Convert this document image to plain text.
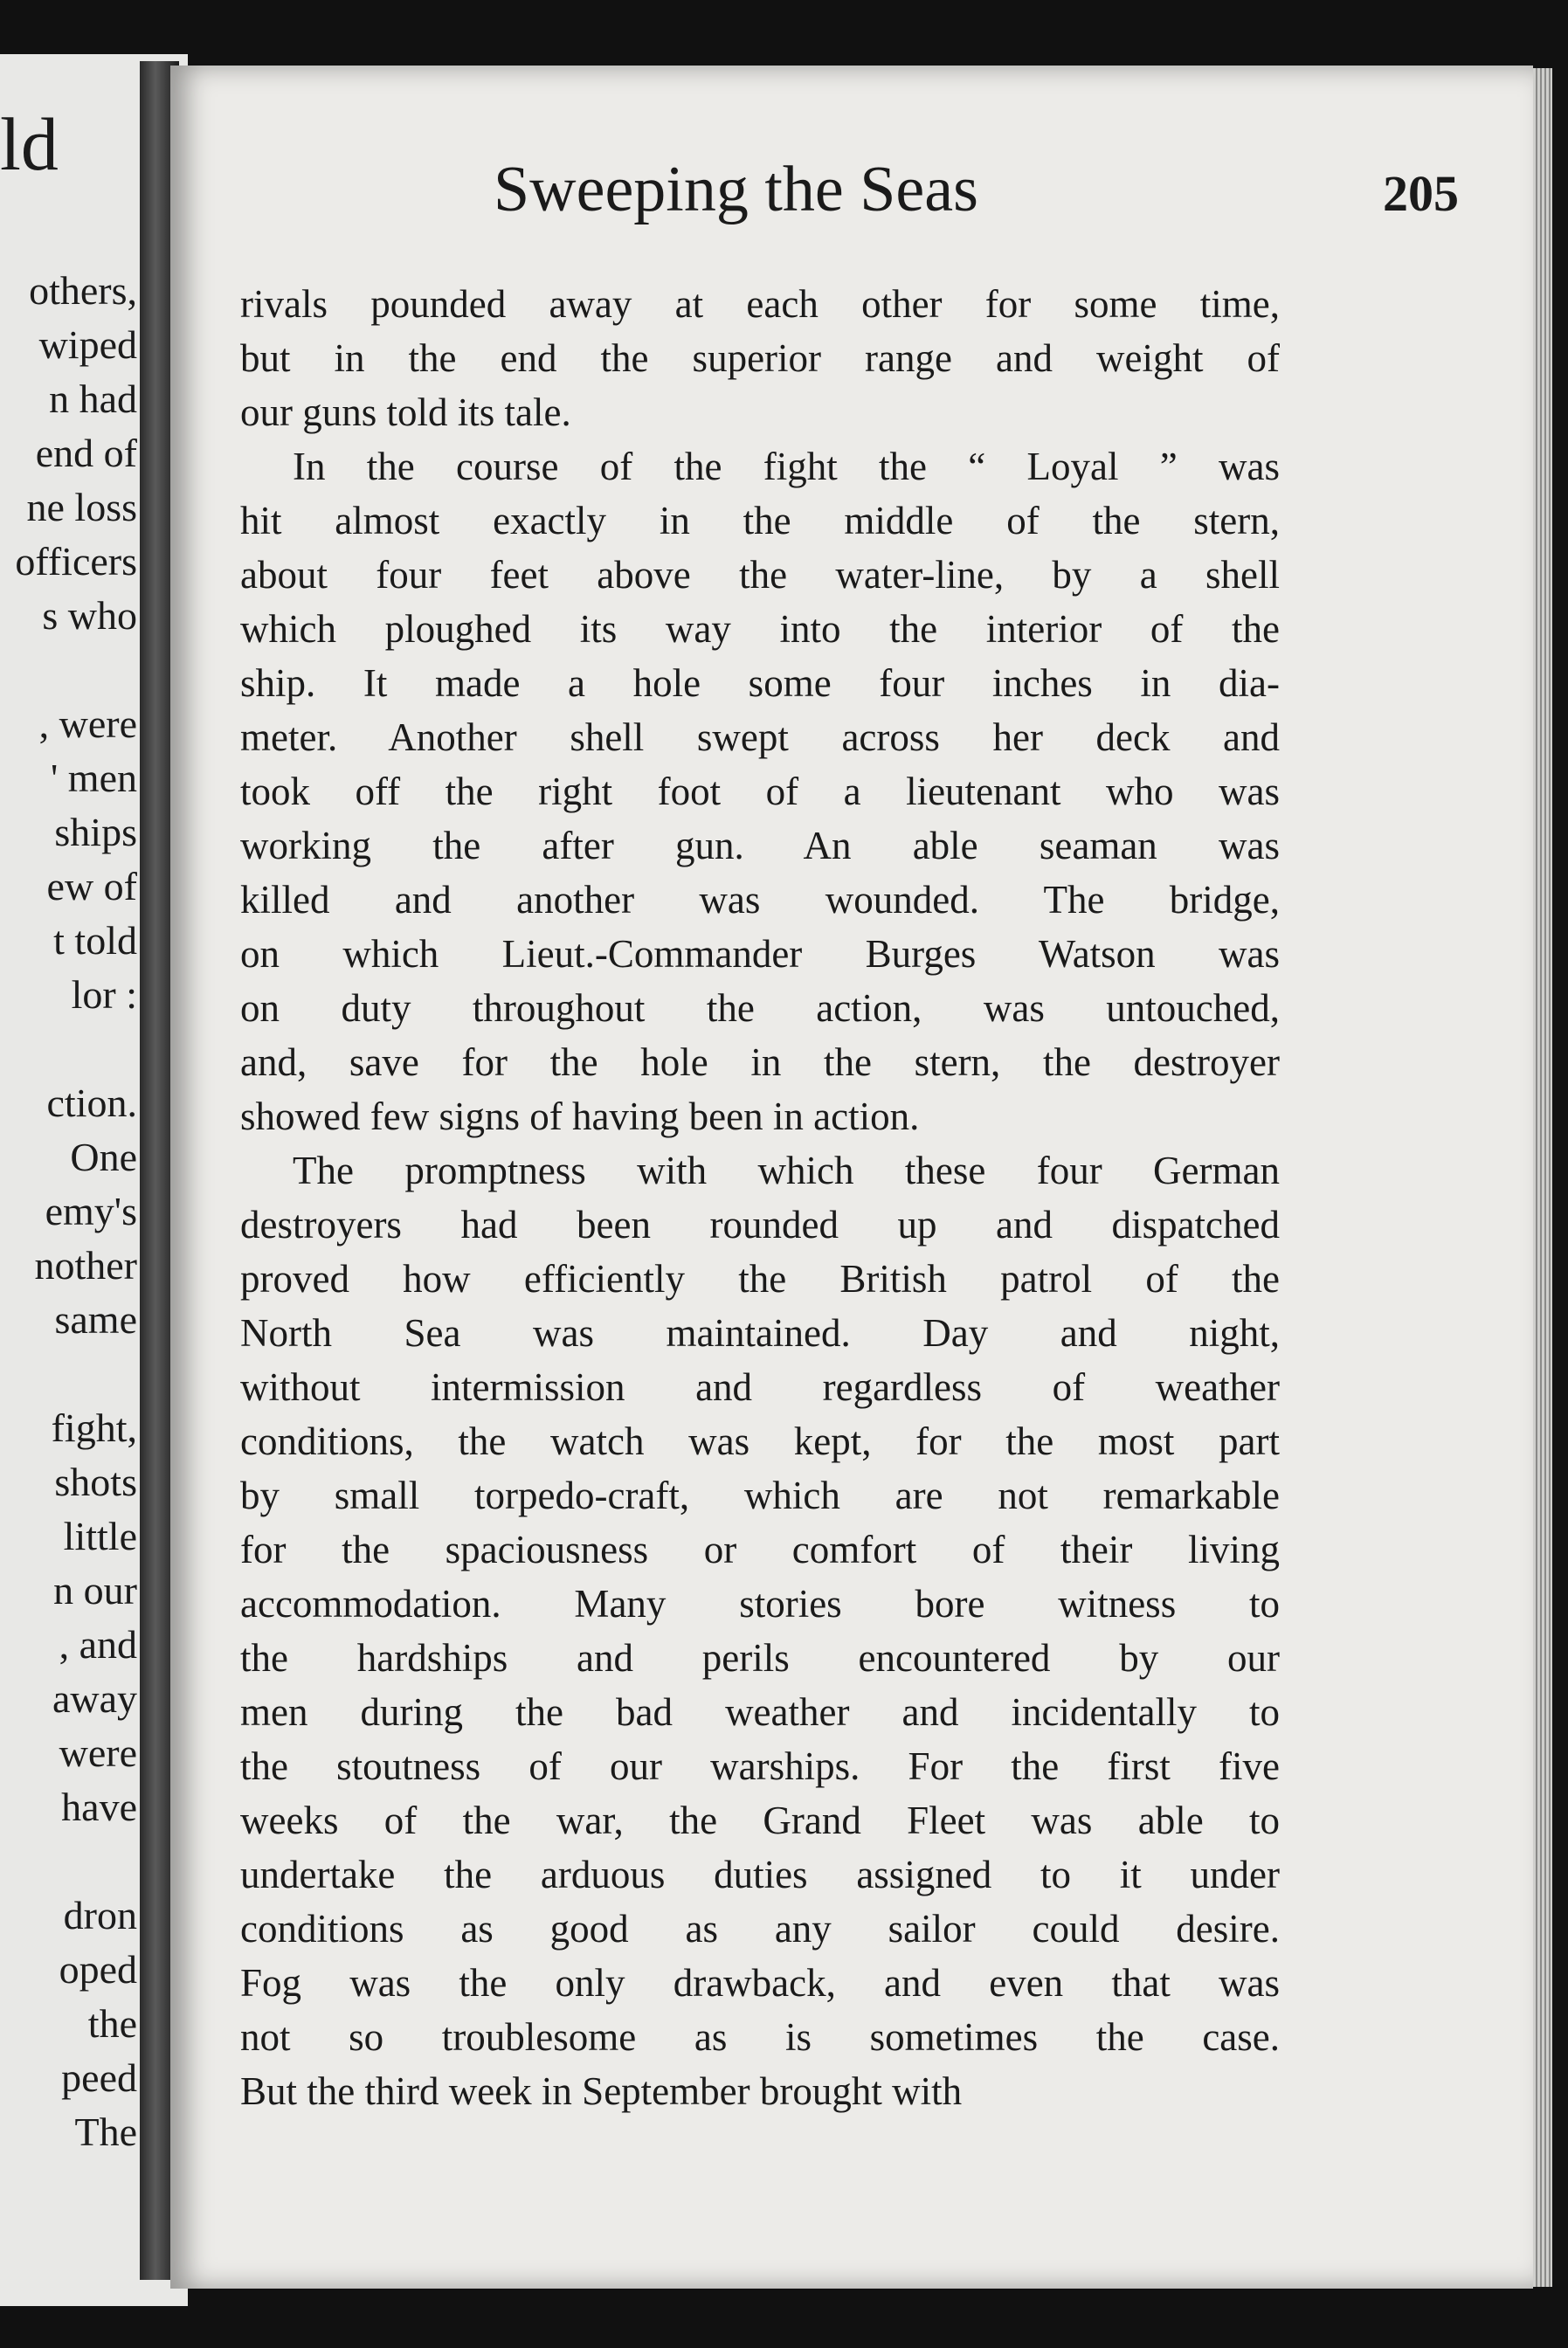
ld
others,
wiped
n had
end of
ne loss
officers
s who
, were
' men
ships
ew of
t told
lor :
ction.
One
emy's
nother
same
fight,
shots
little
n our
, and
away
were
have
dron
oped
the
peed
The
Sweeping the Seas	205

rivals pounded away at each other for some time,
but in the end the superior range and weight of
our guns told its tale.

In the course of the fight the “ Loyal ” was
hit almost exactly in the middle of the stern,
about four feet above the water-line, by a shell
which ploughed its way into the interior of the
ship. It made a hole some four inches in dia-
meter. Another shell swept across her deck and
took off the right foot of a lieutenant who was
working the after gun. An able seaman was
killed and another was wounded. The bridge,
on which Lieut.-Commander Burges Watson was
on duty throughout the action, was untouched,
and, save for the hole in the stern, the destroyer
showed few signs of having been in action.

The promptness with which these four German
destroyers had been rounded up and dispatched
proved how efficiently the British patrol of the
North Sea was maintained. Day and night,
without intermission and regardless of weather
conditions, the watch was kept, for the most part
by small torpedo-craft, which are not remarkable
for the spaciousness or comfort of their living
accommodation. Many stories bore witness to
the hardships and perils encountered by our
men during the bad weather and incidentally to
the stoutness of our warships. For the first five
weeks of the war, the Grand Fleet was able to
undertake the arduous duties assigned to it under
conditions as good as any sailor could desire.
Fog was the only drawback, and even that was
not so troublesome as is sometimes the case.
But the third week in September brought with
